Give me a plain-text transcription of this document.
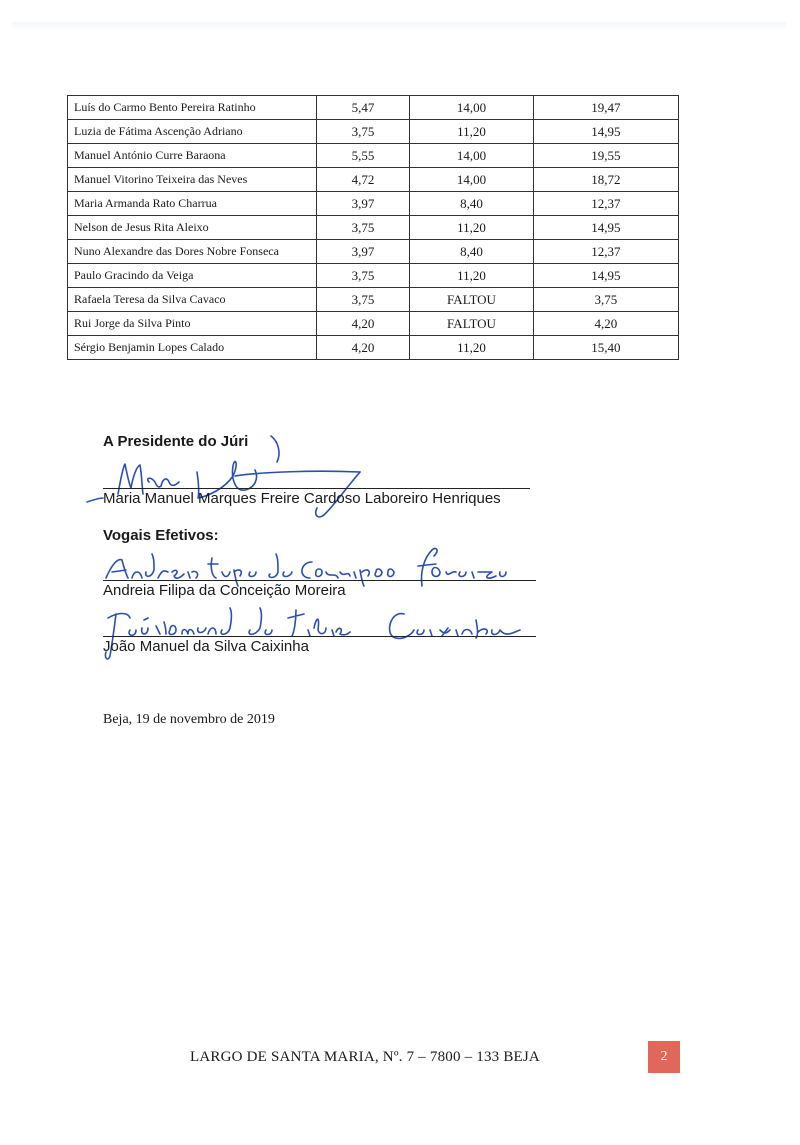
Luís do Carmo Bento Pereira Ratinho	5,47	14,00	19,47
Luzia de Fátima Ascenção Adriano	3,75	11,20	14,95
Manuel António Curre Baraona	5,55	14,00	19,55
Manuel Vitorino Teixeira das Neves	4,72	14,00	18,72
Maria Armanda Rato Charrua	3,97	8,40	12,37
Nelson de Jesus Rita Aleixo	3,75	11,20	14,95
Nuno Alexandre das Dores Nobre Fonseca	3,97	8,40	12,37
Paulo Gracindo da Veiga	3,75	11,20	14,95
Rafaela Teresa da Silva Cavaco	3,75	FALTOU	3,75
Rui Jorge da Silva Pinto	4,20	FALTOU	4,20
Sérgio Benjamin Lopes Calado	4,20	11,20	15,40
A Presidente do Júri
Maria Manuel Marques Freire Cardoso Laboreiro Henriques
Vogais Efetivos:
Andreia Filipa da Conceição Moreira
João Manuel da Silva Caixinha
Beja, 19 de novembro de 2019
LARGO DE SANTA MARIA, Nº. 7 – 7800 – 133 BEJA	2
